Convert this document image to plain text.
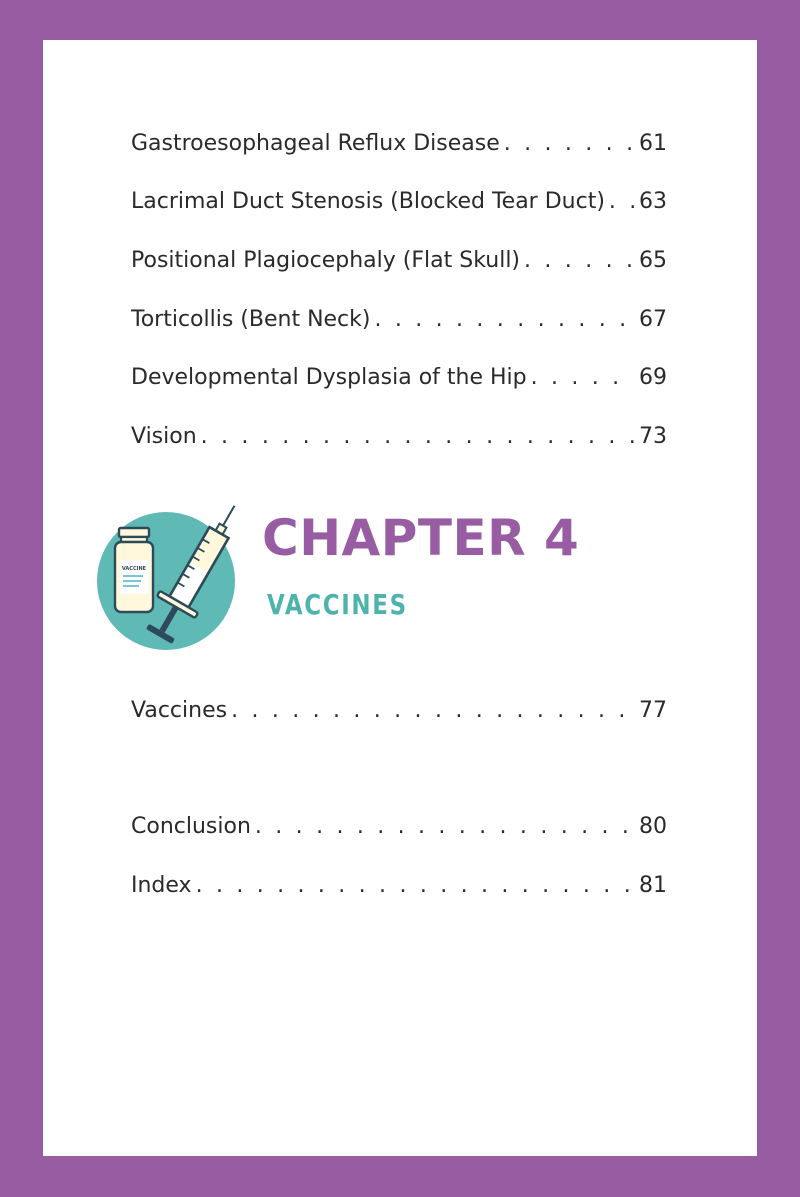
Gastroesophageal Reflux Disease . . .	61
Lacrimal Duct Stenosis (Blocked Tear Duct) . . . 63
Positional Plagiocephaly (Flat Skull) . . .	65
Torticollis (Bent Neck) . . .	67
Developmental Dysplasia of the Hip . . .	69
Vision . . .	73
VACCINE
CHAPTER 4
VACCINES
Vaccines . . .	77
Conclusion . . .	80
Index . . .	81
